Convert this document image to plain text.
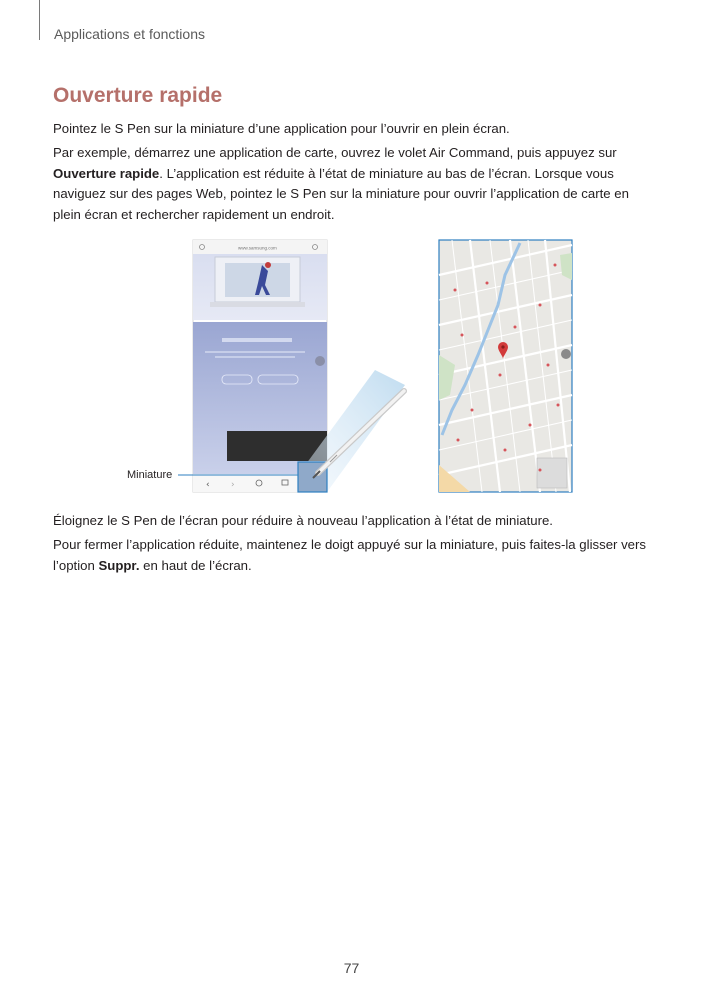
Applications et fonctions
Ouverture rapide
Pointez le S Pen sur la miniature d’une application pour l’ouvrir en plein écran.
Par exemple, démarrez une application de carte, ouvrez le volet Air Command, puis appuyez sur Ouverture rapide. L’application est réduite à l’état de miniature au bas de l’écran. Lorsque vous naviguez sur des pages Web, pointez le S Pen sur la miniature pour ouvrir l’application de carte en plein écran et rechercher rapidement un endroit.
www.samsung.com
‹ ›
Miniature
Éloignez le S Pen de l’écran pour réduire à nouveau l’application à l’état de miniature.
Pour fermer l’application réduite, maintenez le doigt appuyé sur la miniature, puis faites-la glisser vers l’option Suppr. en haut de l’écran.
77
